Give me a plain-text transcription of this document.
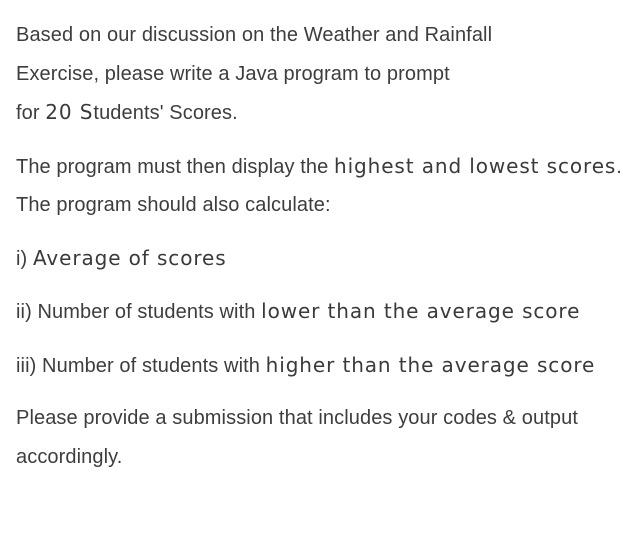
Based on our discussion on the Weather and Rainfall
Exercise, please write a Java program to prompt
for 20 Students' Scores.

The program must then display the highest and lowest scores. The program should also calculate:

i) Average of scores

ii) Number of students with lower than the average score

iii) Number of students with higher than the average score

Please provide a submission that includes your codes & output accordingly.
